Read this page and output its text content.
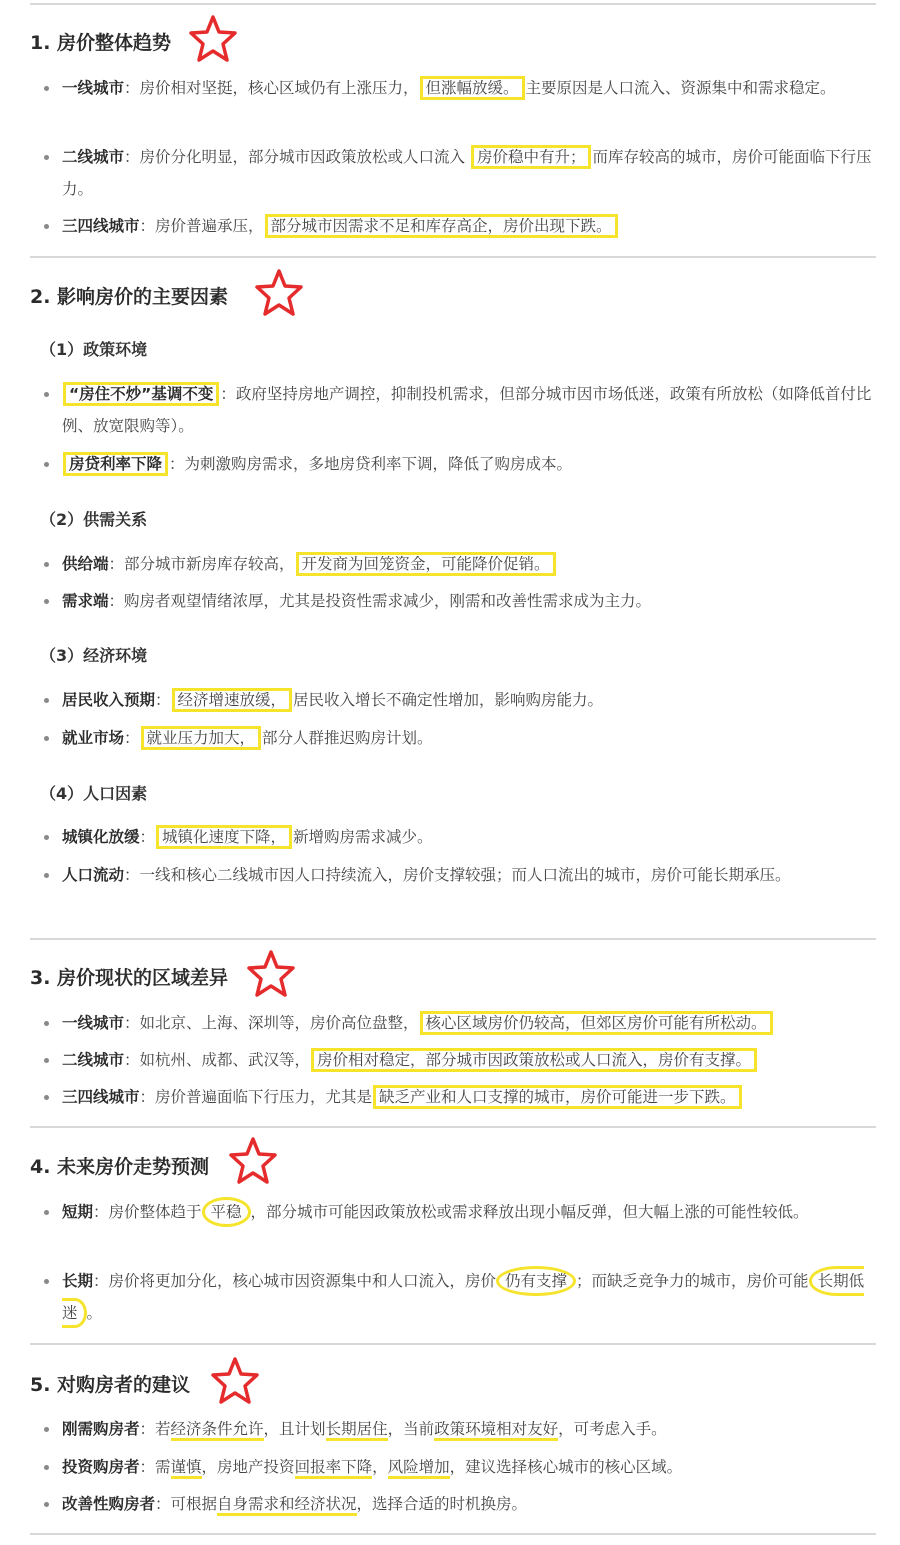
1. 房价整体趋势
一线城市：房价相对坚挺，核心区域仍有上涨压力， 但涨幅放缓。 主要原因是人口流入、资源集中和需求稳定。
二线城市：房价分化明显，部分城市因政策放松或人口流入 房价稳中有升； 而库存较高的城市，房价可能面临下行压力。
三四线城市：房价普遍承压， 部分城市因需求不足和库存高企，房价出现下跌。
2. 影响房价的主要因素
（1）政策环境
“房住不炒”基调不变 ：政府坚持房地产调控，抑制投机需求，但部分城市因市场低迷，政策有所放松（如降低首付比例、放宽限购等）。
房贷利率下降 ：为刺激购房需求，多地房贷利率下调，降低了购房成本。
（2）供需关系
供给端：部分城市新房库存较高， 开发商为回笼资金，可能降价促销。
需求端：购房者观望情绪浓厚，尤其是投资性需求减少，刚需和改善性需求成为主力。
（3）经济环境
居民收入预期： 经济增速放缓， 居民收入增长不确定性增加，影响购房能力。
就业市场： 就业压力加大， 部分人群推迟购房计划。
（4）人口因素
城镇化放缓： 城镇化速度下降， 新增购房需求减少。
人口流动：一线和核心二线城市因人口持续流入，房价支撑较强；而人口流出的城市，房价可能长期承压。
3. 房价现状的区域差异
一线城市：如北京、上海、深圳等，房价高位盘整， 核心区域房价仍较高，但郊区房价可能有所松动。
二线城市：如杭州、成都、武汉等， 房价相对稳定，部分城市因政策放松或人口流入，房价有支撑。
三四线城市：房价普遍面临下行压力，尤其是 缺乏产业和人口支撑的城市，房价可能进一步下跌。
4. 未来房价走势预测
短期：房价整体趋于 平稳 ，部分城市可能因政策放松或需求释放出现小幅反弹，但大幅上涨的可能性较低。
长期：房价将更加分化，核心城市因资源集中和人口流入，房价 仍有支撑 ；而缺乏竞争力的城市，房价可能 长期低迷 。
5. 对购房者的建议
刚需购房者：若经济条件允许，且计划长期居住，当前政策环境相对友好，可考虑入手。
投资购房者：需谨慎，房地产投资回报率下降，风险增加，建议选择核心城市的核心区域。
改善性购房者：可根据自身需求和经济状况，选择合适的时机换房。
